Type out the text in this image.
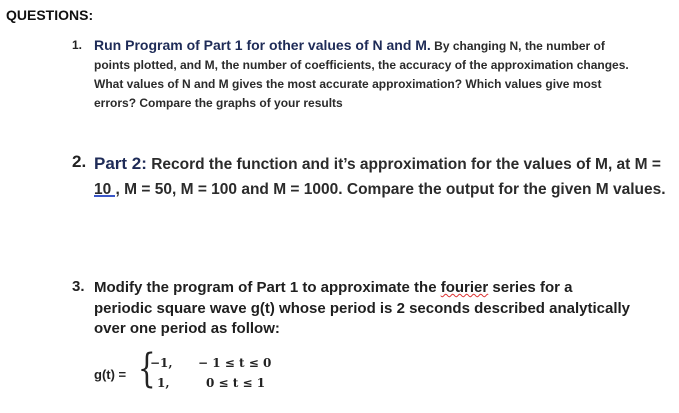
QUESTIONS:
1. Run Program of Part 1 for other values of N and M. By changing N, the number of points plotted, and M, the number of coefficients, the accuracy of the approximation changes. What values of N and M gives the most accurate approximation? Which values give most errors? Compare the graphs of your results
2. Part 2: Record the function and it’s approximation for the values of M, at M = 10 , M = 50, M = 100 and M = 1000. Compare the output for the given M values.
3. Modify the program of Part 1 to approximate the fourier series for a periodic square wave g(t) whose period is 2 seconds described analytically over one period as follow:
g(t) = {
−1, − 1 ≤ t ≤ 0
1,	0 ≤ t ≤ 1
